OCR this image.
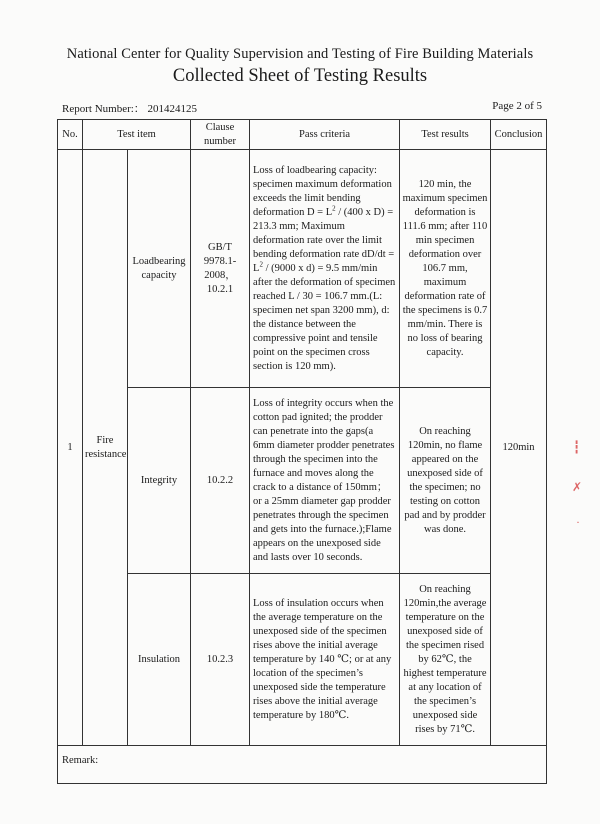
National Center for Quality Supervision and Testing of Fire Building Materials
Collected Sheet of Testing Results
Report Number:： 201424125	Page 2 of 5
No.	Test item		Clause number	Pass criteria	Test results	Conclusion
1	Fire resistance	Loadbearing capacity	GB/T 9978.1-2008， 10.2.1	Loss of loadbearing capacity: specimen maximum deformation exceeds the limit bending deformation $D = L^2 / (400$ x D) = 213.3 mm; Maximum deformation rate over the limit bending deformation rate $dD/dt = L^2 / (9000$ x d) = 9.5 mm/min after the deformation of specimen reached L / 30 = 106.7 mm.(L: specimen net span 3200 mm), d: the distance between the compressive point and tensile point on the specimen cross section is 120 mm).	120 min, the maximum specimen deformation is 111.6 mm; after 110 min specimen deformation over 106.7 mm, maximum deformation rate of the specimens is 0.7 mm/min. There is no loss of bearing capacity.	120min
		Integrity	10.2.2	Loss of integrity occurs when the cotton pad ignited; the prodder can penetrate into the gaps(a 6mm diameter prodder penetrates through the specimen into the furnace and moves along the crack to a distance of 150mm； or a 25mm diameter gap prodder penetrates through the specimen and gets into the furnace.);Flame appears on the unexposed side and lasts over 10 seconds.	On reaching 120min, no flame appeared on the unexposed side of the specimen; no testing on cotton pad and by prodder was done.	
		Insulation	10.2.3	Loss of insulation occurs when the average temperature on the unexposed side of the specimen rises above the initial average temperature by 140 ℃; or at any location of the specimen’s unexposed side the temperature rises above the initial average temperature by 180℃.	On reaching 120min,the average temperature on the unexposed side of the specimen rised by 62℃, the highest temperature at any location of the specimen’s unexposed side rises by 71℃.	
Remark:						
┇
✗
·
